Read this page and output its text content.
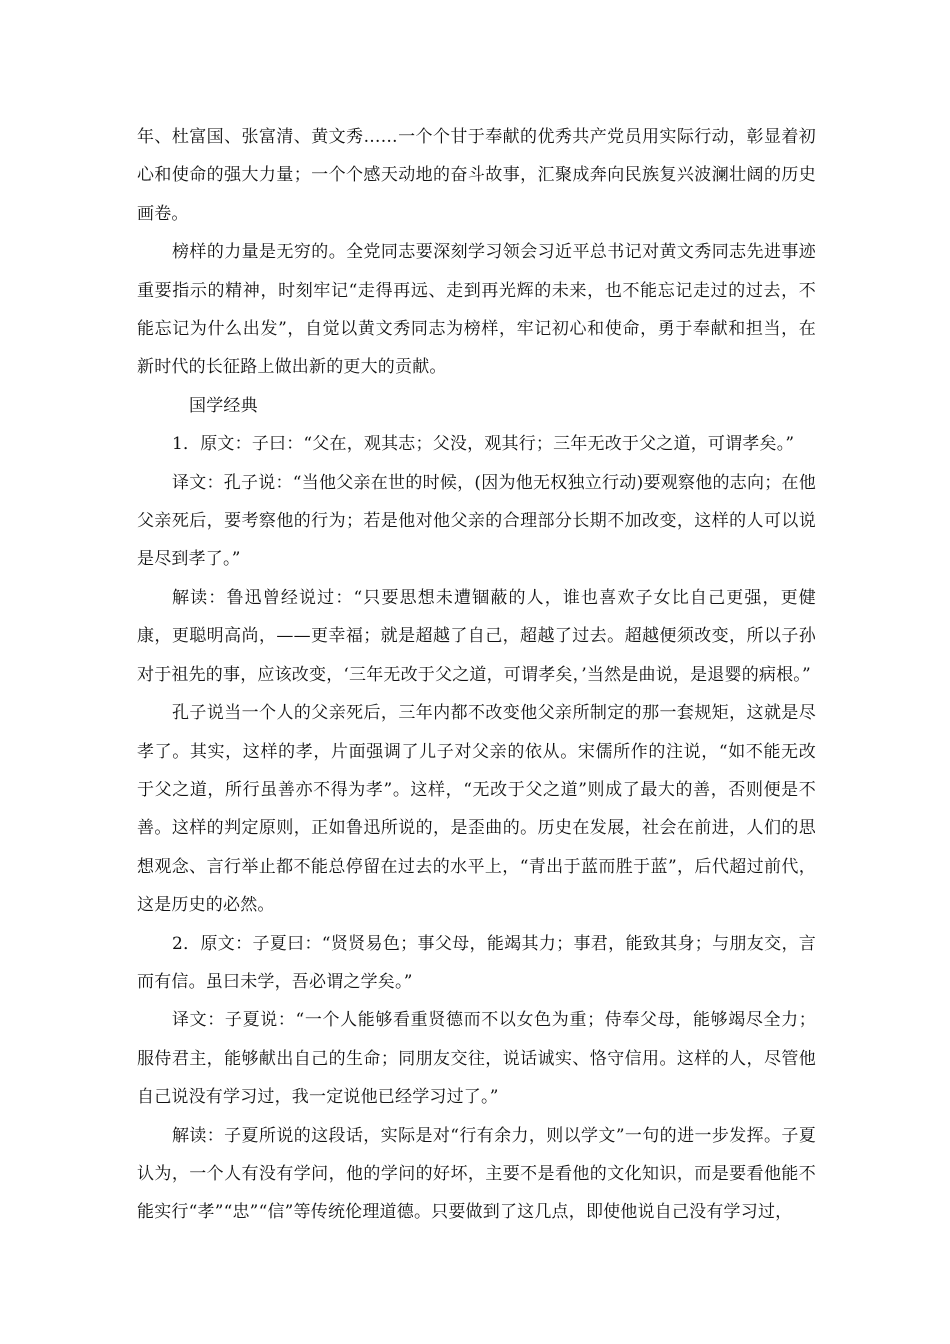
年、杜富国、张富清、黄文秀……一个个甘于奉献的优秀共产党员用实际行动，彰显着初心和使命的强大力量；一个个感天动地的奋斗故事，汇聚成奔向民族复兴波澜壮阔的历史画卷。

榜样的力量是无穷的。全党同志要深刻学习领会习近平总书记对黄文秀同志先进事迹重要指示的精神，时刻牢记“走得再远、走到再光辉的未来，也不能忘记走过的过去，不能忘记为什么出发”，自觉以黄文秀同志为榜样，牢记初心和使命，勇于奉献和担当，在新时代的长征路上做出新的更大的贡献。

国学经典

1．原文：子曰：“父在，观其志；父没，观其行；三年无改于父之道，可谓孝矣。”

译文：孔子说：“当他父亲在世的时候，(因为他无权独立行动)要观察他的志向；在他父亲死后，要考察他的行为；若是他对他父亲的合理部分长期不加改变，这样的人可以说是尽到孝了。”

解读：鲁迅曾经说过：“只要思想未遭锢蔽的人，谁也喜欢子女比自己更强，更健康，更聪明高尚，——更幸福；就是超越了自己，超越了过去。超越便须改变，所以子孙对于祖先的事，应该改变，‘三年无改于父之道，可谓孝矣，’当然是曲说，是退婴的病根。”

孔子说当一个人的父亲死后，三年内都不改变他父亲所制定的那一套规矩，这就是尽孝了。其实，这样的孝，片面强调了儿子对父亲的依从。宋儒所作的注说，“如不能无改于父之道，所行虽善亦不得为孝”。这样，“无改于父之道”则成了最大的善，否则便是不善。这样的判定原则，正如鲁迅所说的，是歪曲的。历史在发展，社会在前进，人们的思想观念、言行举止都不能总停留在过去的水平上，“青出于蓝而胜于蓝”，后代超过前代，这是历史的必然。

2．原文：子夏曰：“贤贤易色；事父母，能竭其力；事君，能致其身；与朋友交，言而有信。虽曰未学，吾必谓之学矣。”

译文：子夏说：“一个人能够看重贤德而不以女色为重；侍奉父母，能够竭尽全力；服侍君主，能够献出自己的生命；同朋友交往，说话诚实、恪守信用。这样的人，尽管他自己说没有学习过，我一定说他已经学习过了。”

解读：子夏所说的这段话，实际是对“行有余力，则以学文”一句的进一步发挥。子夏认为，一个人有没有学问，他的学问的好坏，主要不是看他的文化知识，而是要看他能不能实行“孝”“忠”“信”等传统伦理道德。只要做到了这几点，即使他说自己没有学习过，
